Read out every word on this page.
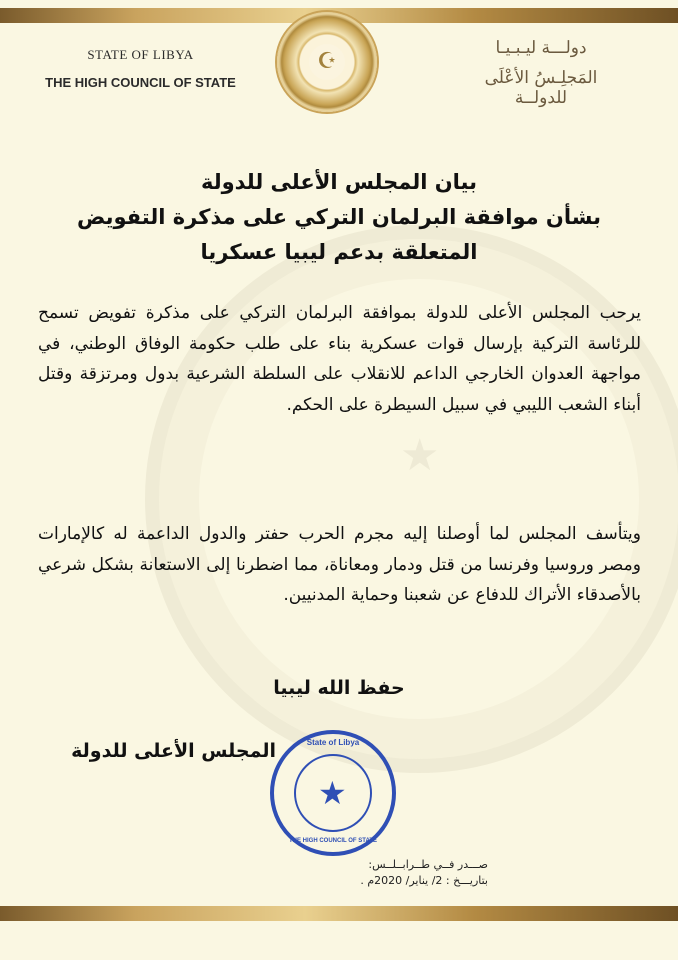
★
STATE OF LIBYA
THE HIGH COUNCIL OF STATE
☪
دولـــة ليـبـيـا
المَجلِـسُ الأعْلَى للدولــة
بيان المجلس الأعلى للدولة
بشأن موافقة البرلمان التركي على مذكرة التفويض
المتعلقة بدعم ليبيا عسكريا
يرحب المجلس الأعلى للدولة بموافقة البرلمان التركي على مذكرة تفويض تسمح للرئاسة التركية بإرسال قوات عسكرية بناء على طلب حكومة الوفاق الوطني، في مواجهة العدوان الخارجي الداعم للانقلاب على السلطة الشرعية بدول ومرتزقة وقتل أبناء الشعب الليبي في سبيل السيطرة على الحكم.
ويتأسف المجلس لما أوصلنا إليه مجرم الحرب حفتر والدول الداعمة له كالإمارات ومصر وروسيا وفرنسا من قتل ودمار ومعاناة، مما اضطرنا إلى الاستعانة بشكل شرعي بالأصدقاء الأتراك للدفاع عن شعبنا وحماية المدنيين.
حفظ الله ليبيا
المجلس الأعلى للدولة	State of Libya
★
THE HIGH COUNCIL OF STATE
صـــدر فــي طــرابــلــس:
بتاريـــخ : 2/ يناير/ 2020م .
